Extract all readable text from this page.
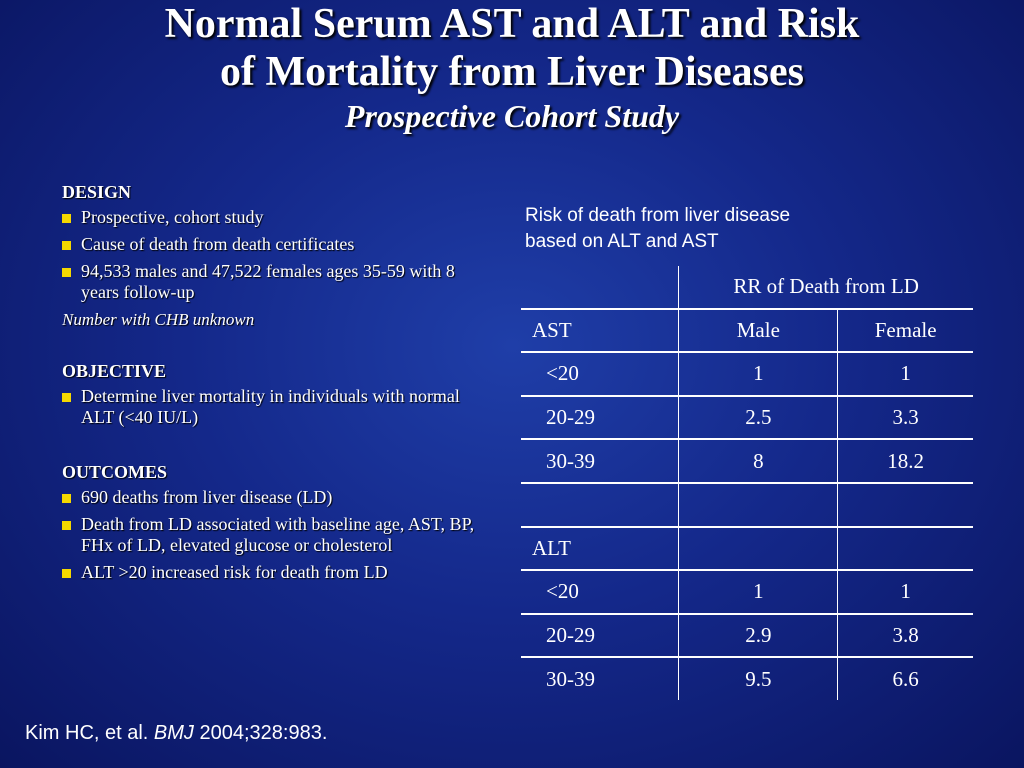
Normal Serum AST and ALT and Risk
of Mortality from Liver Diseases
Prospective Cohort Study
DESIGN
Prospective, cohort study
Cause of death from death certificates
94,533 males and 47,522 females ages 35-59 with 8 years follow-up
Number with CHB unknown
OBJECTIVE
Determine liver mortality in individuals with normal ALT (<40 IU/L)
OUTCOMES
690 deaths from liver disease (LD)
Death from LD associated with baseline age, AST, BP, FHx of LD, elevated glucose or cholesterol
ALT >20 increased risk for death from LD
Risk of death from liver disease
based on ALT and AST
	RR of Death from LD	
AST	Male	Female
<20	1	1
20-29	2.5	3.3
30-39	8	18.2

ALT		
<20	1	1
20-29	2.9	3.8
30-39	9.5	6.6
Kim HC, et al. BMJ 2004;328:983.
